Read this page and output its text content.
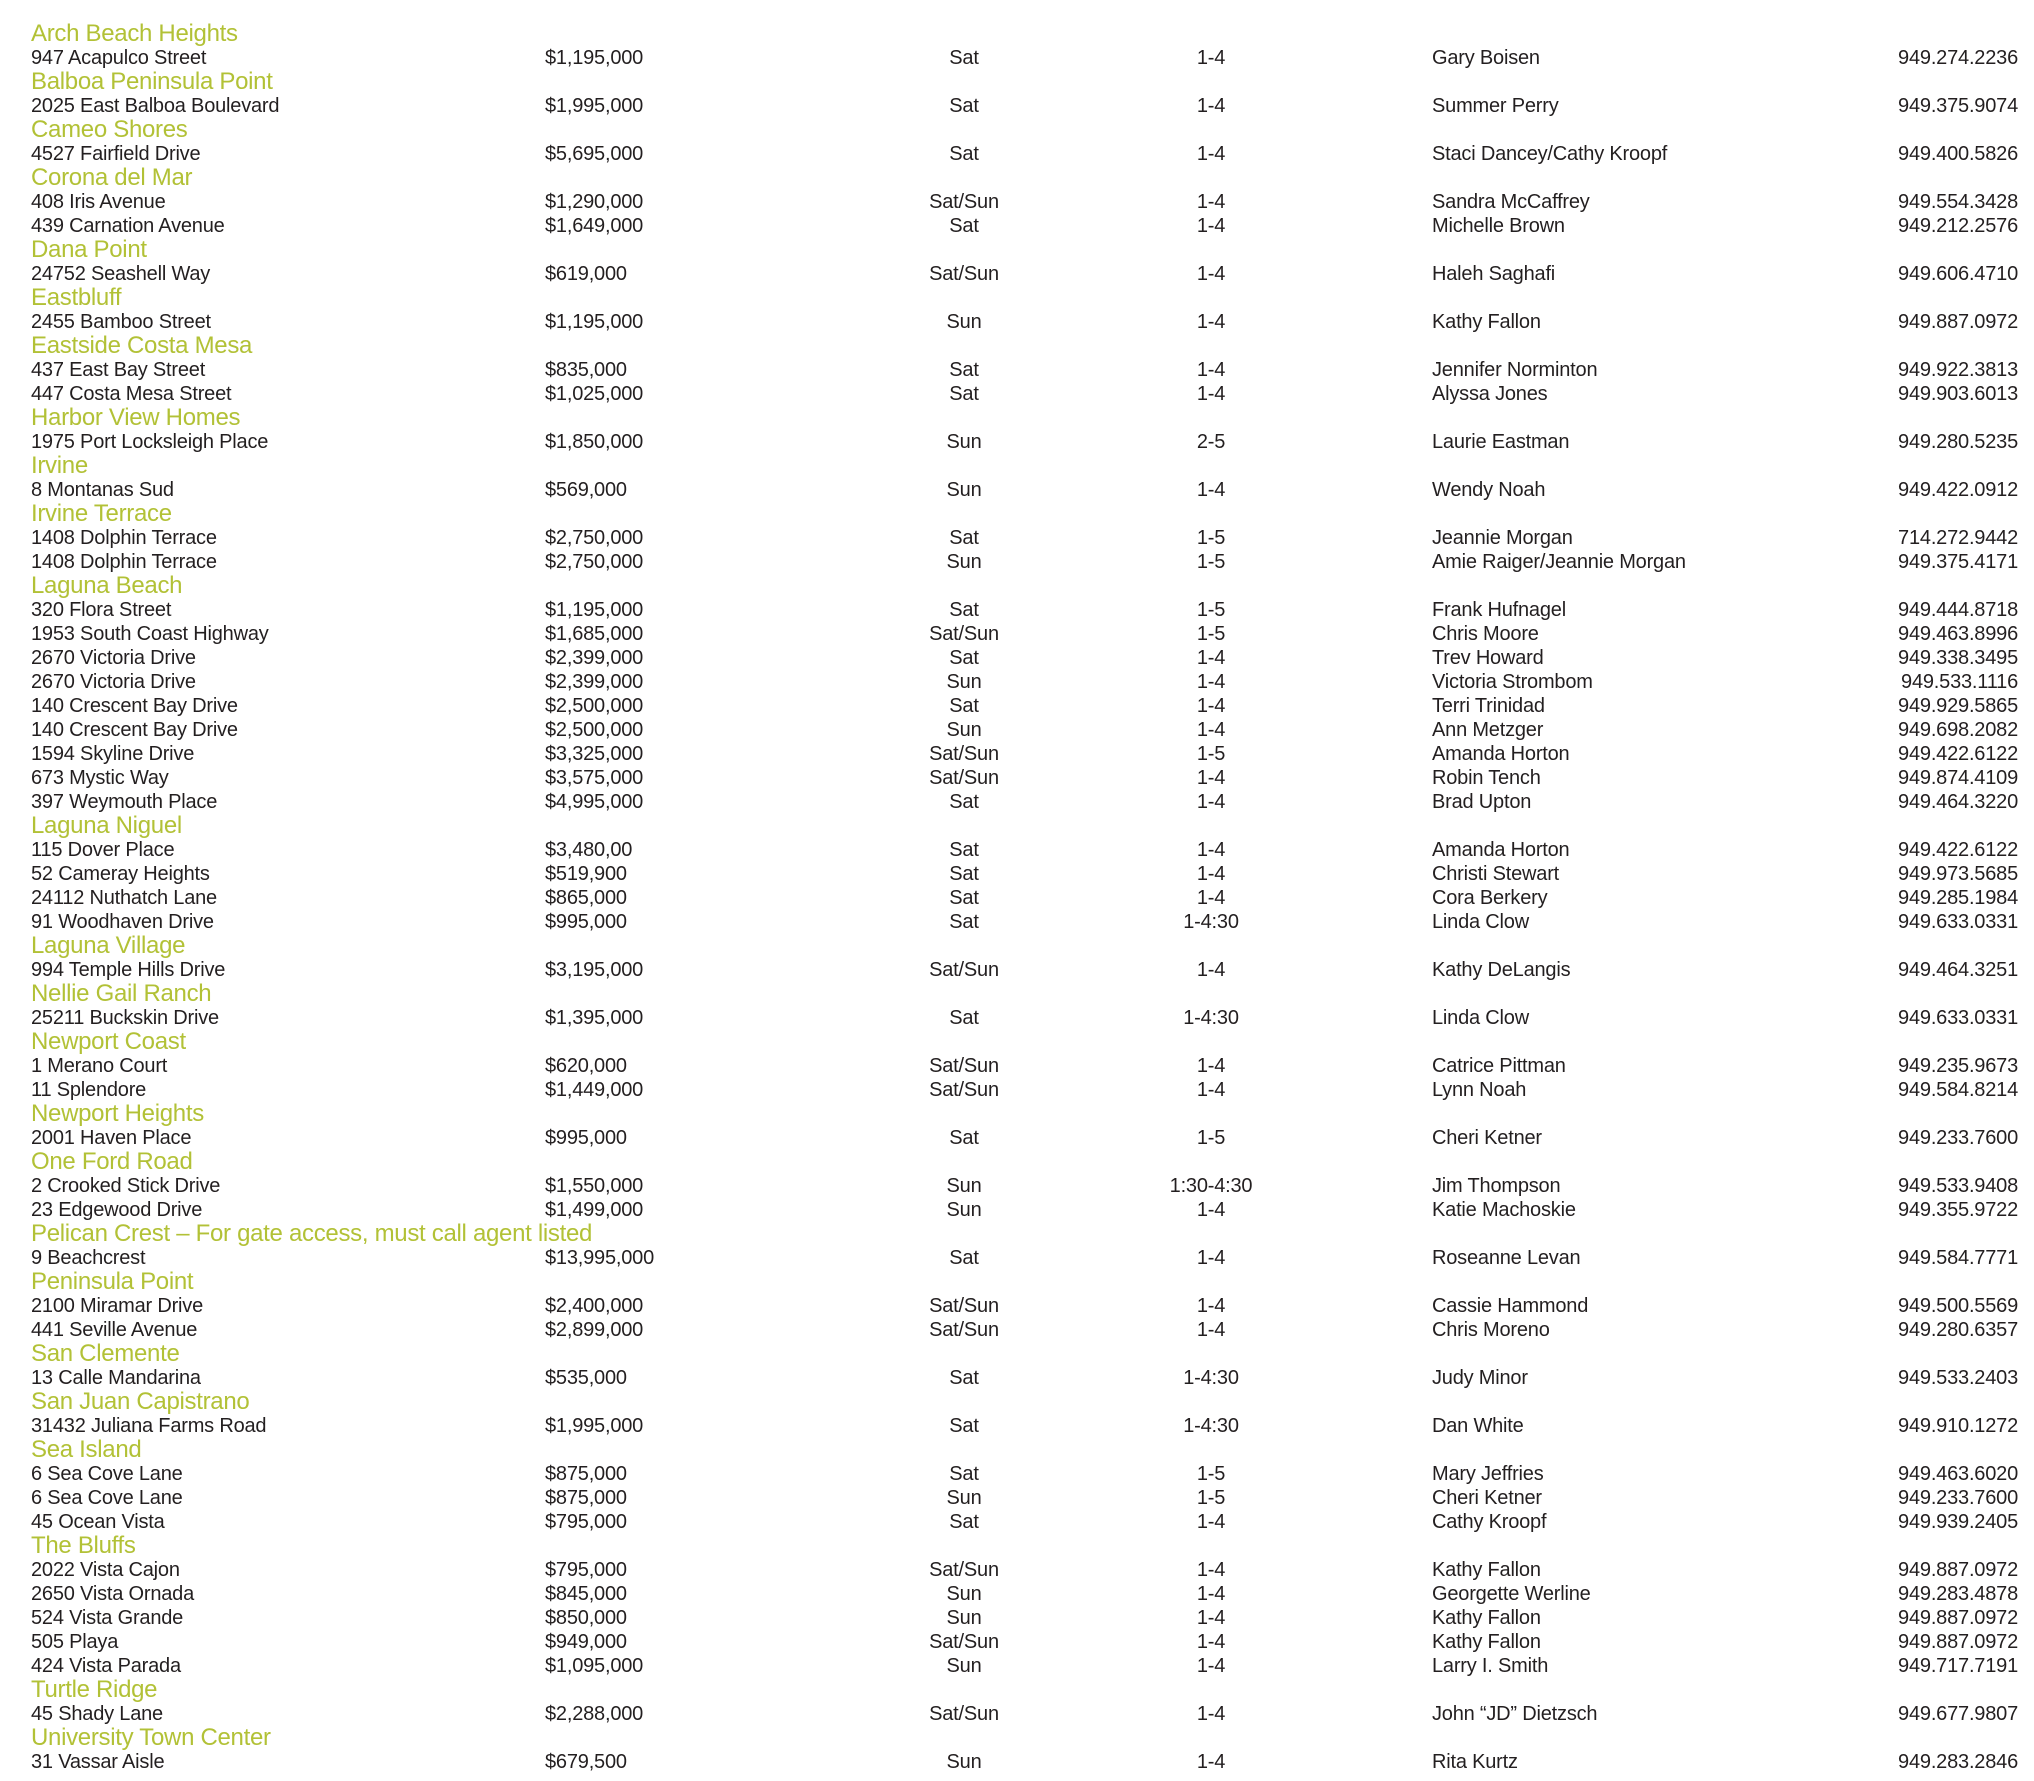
Arch Beach Heights
947 Acapulco Street	$1,195,000	Sat	1-4	Gary Boisen	949.274.2236
Balboa Peninsula Point
2025 East Balboa Boulevard	$1,995,000	Sat	1-4	Summer Perry	949.375.9074
Cameo Shores
4527 Fairfield Drive	$5,695,000	Sat	1-4	Staci Dancey/Cathy Kroopf	949.400.5826
Corona del Mar
408 Iris Avenue	$1,290,000	Sat/Sun	1-4	Sandra McCaffrey	949.554.3428
439 Carnation Avenue	$1,649,000	Sat	1-4	Michelle Brown	949.212.2576
Dana Point
24752 Seashell Way	$619,000	Sat/Sun	1-4	Haleh Saghafi	949.606.4710
Eastbluff
2455 Bamboo Street	$1,195,000	Sun	1-4	Kathy Fallon	949.887.0972
Eastside Costa Mesa
437 East Bay Street	$835,000	Sat	1-4	Jennifer Norminton	949.922.3813
447 Costa Mesa Street	$1,025,000	Sat	1-4	Alyssa Jones	949.903.6013
Harbor View Homes
1975 Port Locksleigh Place	$1,850,000	Sun	2-5	Laurie Eastman	949.280.5235
Irvine
8 Montanas Sud	$569,000	Sun	1-4	Wendy Noah	949.422.0912
Irvine Terrace
1408 Dolphin Terrace	$2,750,000	Sat	1-5	Jeannie Morgan	714.272.9442
1408 Dolphin Terrace	$2,750,000	Sun	1-5	Amie Raiger/Jeannie Morgan	949.375.4171
Laguna Beach
320 Flora Street	$1,195,000	Sat	1-5	Frank Hufnagel	949.444.8718
1953 South Coast Highway	$1,685,000	Sat/Sun	1-5	Chris Moore	949.463.8996
2670 Victoria Drive	$2,399,000	Sat	1-4	Trev Howard	949.338.3495
2670 Victoria Drive	$2,399,000	Sun	1-4	Victoria Strombom	949.533.1116
140 Crescent Bay Drive	$2,500,000	Sat	1-4	Terri Trinidad	949.929.5865
140 Crescent Bay Drive	$2,500,000	Sun	1-4	Ann Metzger	949.698.2082
1594 Skyline Drive	$3,325,000	Sat/Sun	1-5	Amanda Horton	949.422.6122
673 Mystic Way	$3,575,000	Sat/Sun	1-4	Robin Tench	949.874.4109
397 Weymouth Place	$4,995,000	Sat	1-4	Brad Upton	949.464.3220
Laguna Niguel
115 Dover Place	$3,480,00	Sat	1-4	Amanda Horton	949.422.6122
52 Cameray Heights	$519,900	Sat	1-4	Christi Stewart	949.973.5685
24112 Nuthatch Lane	$865,000	Sat	1-4	Cora Berkery	949.285.1984
91 Woodhaven Drive	$995,000	Sat	1-4:30	Linda Clow	949.633.0331
Laguna Village
994 Temple Hills Drive	$3,195,000	Sat/Sun	1-4	Kathy DeLangis	949.464.3251
Nellie Gail Ranch
25211 Buckskin Drive	$1,395,000	Sat	1-4:30	Linda Clow	949.633.0331
Newport Coast
1 Merano Court	$620,000	Sat/Sun	1-4	Catrice Pittman	949.235.9673
11 Splendore	$1,449,000	Sat/Sun	1-4	Lynn Noah	949.584.8214
Newport Heights
2001 Haven Place	$995,000	Sat	1-5	Cheri Ketner	949.233.7600
One Ford Road
2 Crooked Stick Drive	$1,550,000	Sun	1:30-4:30	Jim Thompson	949.533.9408
23 Edgewood Drive	$1,499,000	Sun	1-4	Katie Machoskie	949.355.9722
Pelican Crest – For gate access, must call agent listed
9 Beachcrest	$13,995,000	Sat	1-4	Roseanne Levan	949.584.7771
Peninsula Point
2100 Miramar Drive	$2,400,000	Sat/Sun	1-4	Cassie Hammond	949.500.5569
441 Seville Avenue	$2,899,000	Sat/Sun	1-4	Chris Moreno	949.280.6357
San Clemente
13 Calle Mandarina	$535,000	Sat	1-4:30	Judy Minor	949.533.2403
San Juan Capistrano
31432 Juliana Farms Road	$1,995,000	Sat	1-4:30	Dan White	949.910.1272
Sea Island
6 Sea Cove Lane	$875,000	Sat	1-5	Mary Jeffries	949.463.6020
6 Sea Cove Lane	$875,000	Sun	1-5	Cheri Ketner	949.233.7600
45 Ocean Vista	$795,000	Sat	1-4	Cathy Kroopf	949.939.2405
The Bluffs
2022 Vista Cajon	$795,000	Sat/Sun	1-4	Kathy Fallon	949.887.0972
2650 Vista Ornada	$845,000	Sun	1-4	Georgette Werline	949.283.4878
524 Vista Grande	$850,000	Sun	1-4	Kathy Fallon	949.887.0972
505 Playa	$949,000	Sat/Sun	1-4	Kathy Fallon	949.887.0972
424 Vista Parada	$1,095,000	Sun	1-4	Larry I. Smith	949.717.7191
Turtle Ridge
45 Shady Lane	$2,288,000	Sat/Sun	1-4	John “JD” Dietzsch	949.677.9807
University Town Center
31 Vassar Aisle	$679,500	Sun	1-4	Rita Kurtz	949.283.2846
